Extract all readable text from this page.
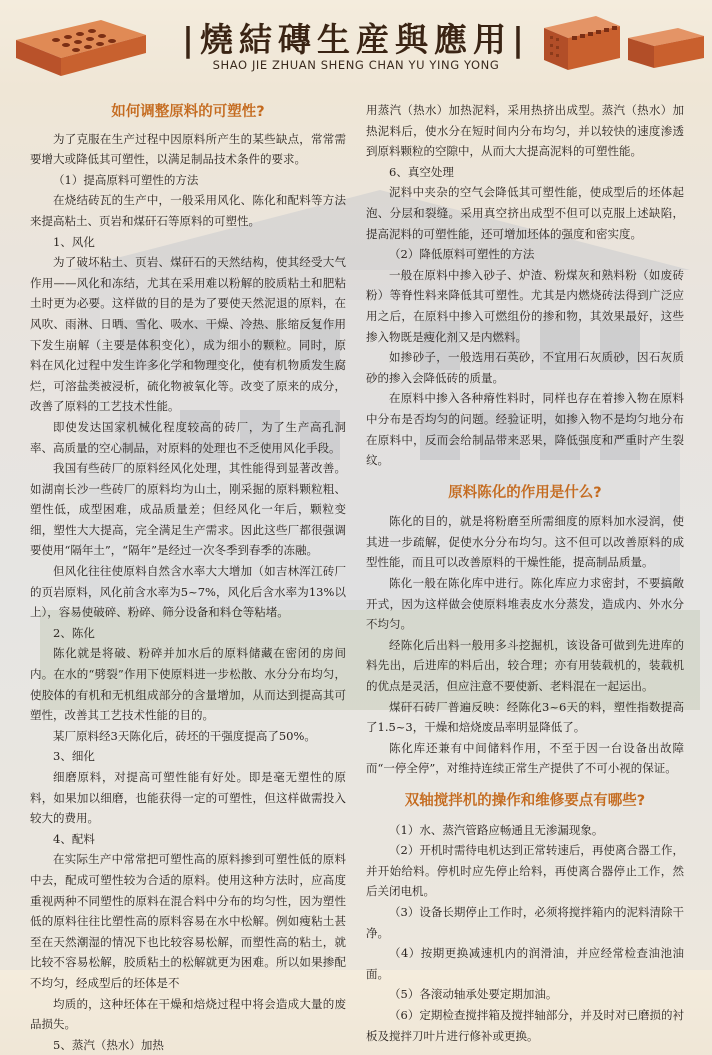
|燒結磚生産與應用|
SHAO JIE ZHUAN SHENG CHAN YU YING YONG
如何调整原料的可塑性?

为了克服在生产过程中因原料所产生的某些缺点，常常需要增大或降低其可塑性，以满足制品技术条件的要求。

（1）提高原料可塑性的方法

在烧结砖瓦的生产中，一般采用风化、陈化和配料等方法来提高粘土、页岩和煤矸石等原料的可塑性。

1、风化

为了破坏粘土、页岩、煤矸石的天然结构，使其经受大气作用——风化和冻结，尤其在采用难以粉解的胶质粘土和肥粘土时更为必要。这样做的目的是为了要使天然泥退的原料，在风吹、雨淋、日晒、雪化、吸水、干燥、冷热、胀缩反复作用下发生崩解（主要是体积变化），成为细小的颗粒。同时，原料在风化过程中发生许多化学和物理变化，使有机物质发生腐烂，可溶盐类被浸析，硫化物被氧化等。改变了原来的成分，改善了原料的工艺技术性能。

即使发达国家机械化程度较高的砖厂，为了生产高孔洞率、高质量的空心制品，对原料的处理也不乏使用风化手段。

我国有些砖厂的原料经风化处理，其性能得到显著改善。如湖南长沙一些砖厂的原料均为山土，刚采掘的原料颗粒粗、塑性低，成型困难，成品质量差；但经风化一年后，颗粒变细，塑性大大提高，完全满足生产需求。因此这些厂都很强调要使用“隔年土”，“隔年”是经过一次冬季到春季的冻融。

但风化往往使原料自然含水率大大增加（如吉林浑江砖厂的页岩原料，风化前含水率为5~7%，风化后含水率为13%以上），容易使破碎、粉碎、筛分设备和料仓等粘堵。

2、陈化

陈化就是将破、粉碎并加水后的原料储藏在密闭的房间内。在水的“劈裂”作用下使原料进一步松散、水分分布均匀，使胶体的有机和无机组成部分的含量增加，从而达到提高其可塑性，改善其工艺技术性能的目的。

某厂原料经3天陈化后，砖坯的干强度提高了50%。

3、细化

细磨原料，对提高可塑性能有好处。即是毫无塑性的原料，如果加以细磨，也能获得一定的可塑性，但这样做需投入较大的费用。

4、配料

在实际生产中常常把可塑性高的原料掺到可塑性低的原料中去，配成可塑性较为合适的原料。使用这种方法时，应高度重视两种不同塑性的原料在混合料中分布的均匀性，因为塑性低的原料往往比塑性高的原料容易在水中松解。例如瘦粘土甚至在天然潮湿的情况下也比较容易松解，而塑性高的粘土，就比较不容易松解，胶质粘土的松解就更为困难。所以如果掺配不均匀，经成型后的坯体是不

均质的，这种坯体在干燥和焙烧过程中将会造成大量的废品损失。

5、蒸汽（热水）加热

用蒸汽（热水）加热泥料，采用热挤出成型。蒸汽（热水）加热泥料后，使水分在短时间内分布均匀，并以较快的速度渗透到原料颗粒的空隙中，从而大大提高泥料的可塑性能。

6、真空处理

泥料中夹杂的空气会降低其可塑性能，使成型后的坯体起泡、分层和裂缝。采用真空挤出成型不但可以克服上述缺陷，提高泥料的可塑性能，还可增加坯体的强度和密实度。

（2）降低原料可塑性的方法

一般在原料中掺入砂子、炉渣、粉煤灰和熟料粉（如废砖粉）等脊性料来降低其可塑性。尤其是内燃烧砖法得到广泛应用之后，在原料中掺入可燃组份的掺和物，其效果最好，这些掺入物既是瘦化剂又是内燃料。

如掺砂子，一般选用石英砂，不宜用石灰质砂，因石灰质砂的掺入会降低砖的质量。

在原料中掺入各种瘠性料时，同样也存在着掺入物在原料中分布是否均匀的问题。经验证明，如掺入物不是均匀地分布在原料中，反而会给制品带来恶果，降低强度和严重时产生裂纹。

原料陈化的作用是什么?

陈化的目的，就是将粉磨至所需细度的原料加水浸润，使其进一步疏解，促使水分分布均匀。这不但可以改善原料的成型性能，而且可以改善原料的干燥性能，提高制品质量。

陈化一般在陈化库中进行。陈化库应力求密封，不要搞敞开式，因为这样做会使原料堆表皮水分蒸发，造成内、外水分不均匀。

经陈化后出料一般用多斗挖掘机，该设备可做到先进库的料先出，后进库的料后出，较合理；亦有用装载机的，装载机的优点是灵活，但应注意不要使新、老料混在一起运出。

煤矸石砖厂普遍反映：经陈化3~6天的料，塑性指数提高了1.5~3，干燥和焙烧废品率明显降低了。

陈化库还兼有中间储料作用，不至于因一台设备出故障而“一停全停”，对维持连续正常生产提供了不可小视的保证。

双轴搅拌机的操作和维修要点有哪些?

（1）水、蒸汽管路应畅通且无渗漏现象。

（2）开机时需待电机达到正常转速后，再使离合器工作，并开始给料。停机时应先停止给料，再使离合器停止工作，然后关闭电机。

（3）设备长期停止工作时，必须将搅拌箱内的泥料清除干净。

（4）按期更换减速机内的润滑油，并应经常检查油池油面。

（5）各滚动轴承处要定期加油。

（6）定期检查搅拌箱及搅拌轴部分，并及时对已磨损的衬板及搅拌刀叶片进行修补或更换。
